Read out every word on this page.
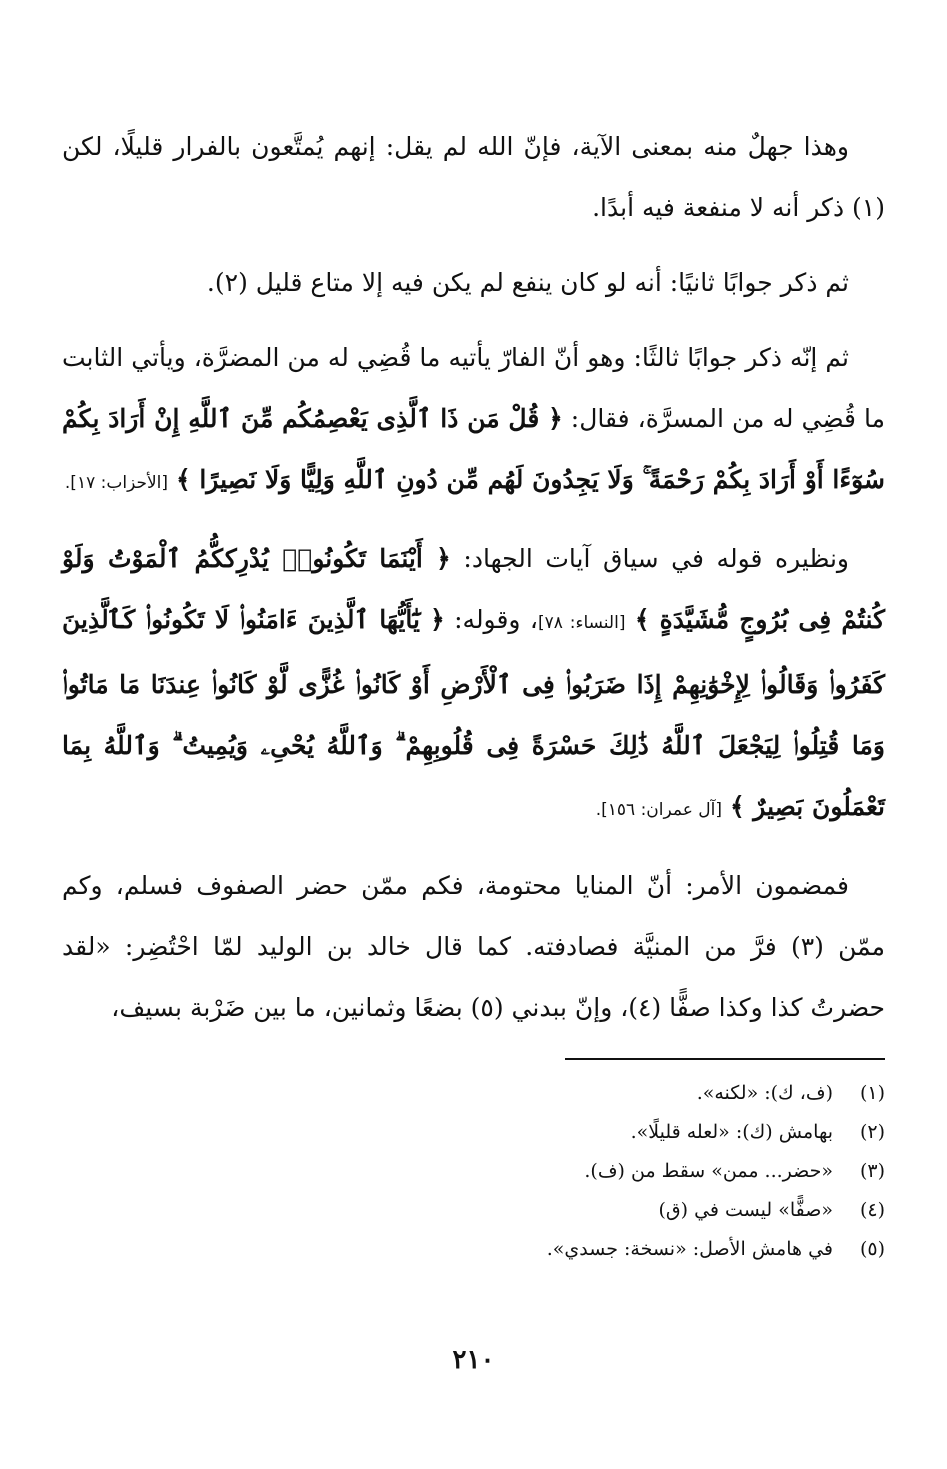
وهذا جهلٌ منه بمعنى الآية، فإنّ الله لم يقل: إنهم يُمتَّعون بالفرار قليلًا، لكن (١) ذكر أنه لا منفعة فيه أبدًا.

ثم ذكر جوابًا ثانيًا: أنه لو كان ينفع لم يكن فيه إلا متاع قليل (٢).

ثم إنّه ذكر جوابًا ثالثًا: وهو أنّ الفارّ يأتيه ما قُضِي له من المضرَّة، ويأتي الثابت ما قُضِي له من المسرَّة، فقال: ﴿ قُلْ مَن ذَا ٱلَّذِى يَعْصِمُكُم مِّنَ ٱللَّهِ إِنْ أَرَادَ بِكُمْ سُوٓءًا أَوْ أَرَادَ بِكُمْ رَحْمَةً ۚ وَلَا يَجِدُونَ لَهُم مِّن دُونِ ٱللَّهِ وَلِيًّا وَلَا نَصِيرًا ﴾ [الأحزاب: ١٧].

ونظيره قوله في سياق آيات الجهاد: ﴿ أَيْنَمَا تَكُونُوا۟ يُدْرِككُّمُ ٱلْمَوْتُ وَلَوْ كُنتُمْ فِى بُرُوجٍ مُّشَيَّدَةٍ ﴾ [النساء: ٧٨]، وقوله: ﴿ يَٰٓأَيُّهَا ٱلَّذِينَ ءَامَنُوا۟ لَا تَكُونُوا۟ كَٱلَّذِينَ كَفَرُوا۟ وَقَالُوا۟ لِإِخْوَٰنِهِمْ إِذَا ضَرَبُوا۟ فِى ٱلْأَرْضِ أَوْ كَانُوا۟ غُزًّى لَّوْ كَانُوا۟ عِندَنَا مَا مَاتُوا۟ وَمَا قُتِلُوا۟ لِيَجْعَلَ ٱللَّهُ ذَٰلِكَ حَسْرَةً فِى قُلُوبِهِمْ ۗ وَٱللَّهُ يُحْىِۦ وَيُمِيتُ ۗ وَٱللَّهُ بِمَا تَعْمَلُونَ بَصِيرٌ ﴾ [آل عمران: ١٥٦].

فمضمون الأمر: أنّ المنايا محتومة، فكم ممّن حضر الصفوف فسلم، وكم ممّن (٣) فرَّ من المنيَّة فصادفته. كما قال خالد بن الوليد لمّا احْتُضِر: «لقد حضرتُ كذا وكذا صفًّا (٤)، وإنّ ببدني (٥) بضعًا وثمانين، ما بين ضَرْبة بسيف،

(١)(ف، ك): «لكنه».
(٢)بهامش (ك): «لعله قليلًا».
(٣)«حضر... ممن» سقط من (ف).
(٤)«صفًّا» ليست في (ق)
(٥)في هامش الأصل: «نسخة: جسدي».
٢١٠
